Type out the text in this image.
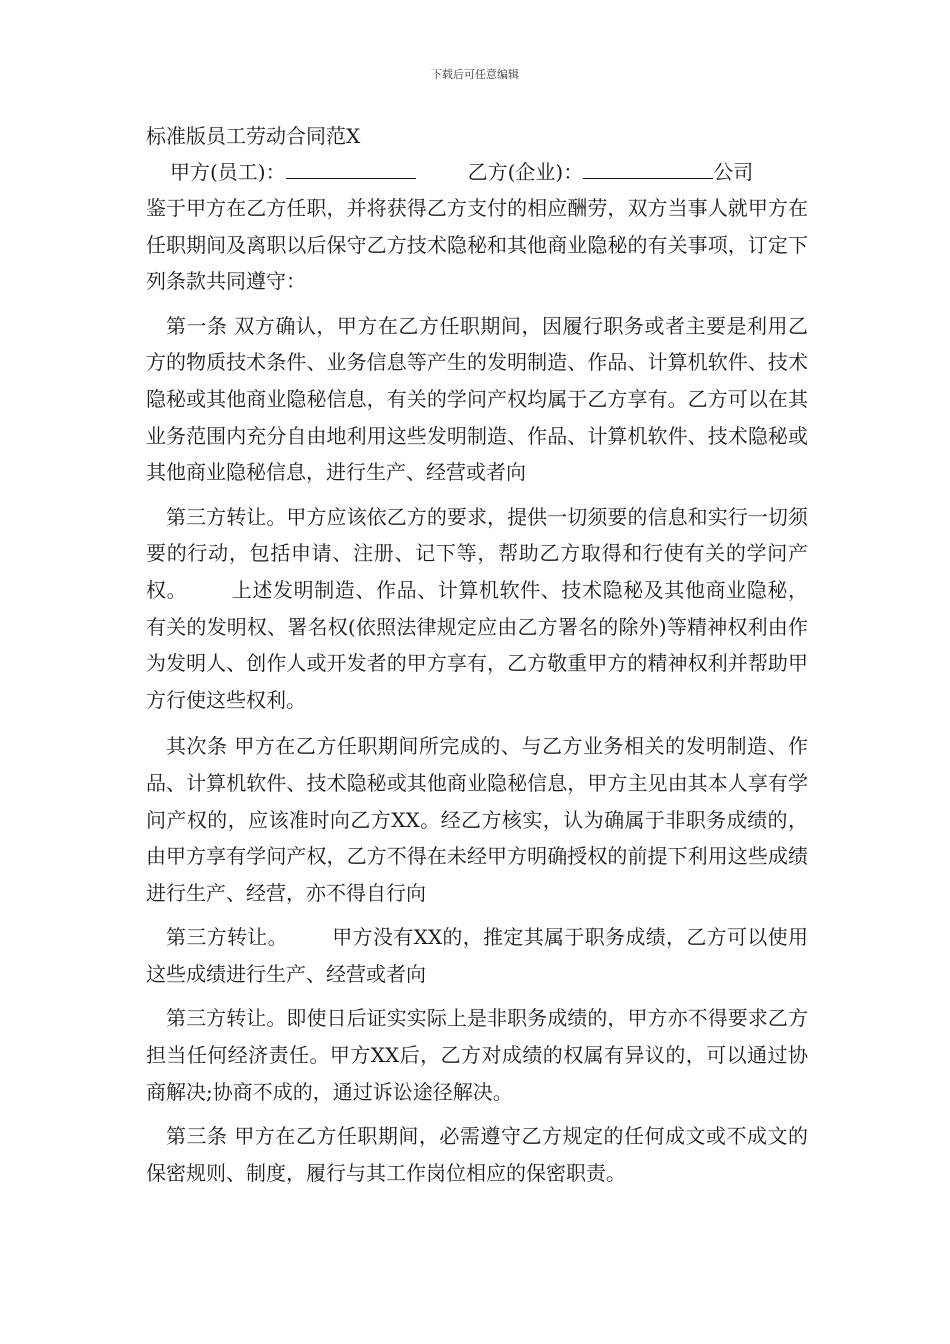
下载后可任意编辑

标准版员工劳动合同范X

甲方(员工)：	乙方(企业)：	公司

鉴于甲方在乙方任职，并将获得乙方支付的相应酬劳，双方当事人就甲方在任职期间及离职以后保守乙方技术隐秘和其他商业隐秘的有关事项，订定下列条款共同遵守：

第一条 双方确认，甲方在乙方任职期间，因履行职务或者主要是利用乙方的物质技术条件、业务信息等产生的发明制造、作品、计算机软件、技术隐秘或其他商业隐秘信息，有关的学问产权均属于乙方享有。乙方可以在其业务范围内充分自由地利用这些发明制造、作品、计算机软件、技术隐秘或其他商业隐秘信息，进行生产、经营或者向

第三方转让。甲方应该依乙方的要求，提供一切须要的信息和实行一切须要的行动，包括申请、注册、记下等，帮助乙方取得和行使有关的学问产权。 上述发明制造、作品、计算机软件、技术隐秘及其他商业隐秘，有关的发明权、署名权(依照法律规定应由乙方署名的除外)等精神权利由作为发明人、创作人或开发者的甲方享有，乙方敬重甲方的精神权利并帮助甲方行使这些权利。

其次条 甲方在乙方任职期间所完成的、与乙方业务相关的发明制造、作品、计算机软件、技术隐秘或其他商业隐秘信息，甲方主见由其本人享有学问产权的，应该准时向乙方XX。经乙方核实，认为确属于非职务成绩的，由甲方享有学问产权，乙方不得在未经甲方明确授权的前提下利用这些成绩进行生产、经营，亦不得自行向

第三方转让。 甲方没有XX的，推定其属于职务成绩，乙方可以使用这些成绩进行生产、经营或者向

第三方转让。即使日后证实实际上是非职务成绩的，甲方亦不得要求乙方担当任何经济责任。甲方XX后，乙方对成绩的权属有异议的，可以通过协商解决;协商不成的，通过诉讼途径解决。

第三条 甲方在乙方任职期间，必需遵守乙方规定的任何成文或不成文的保密规则、制度，履行与其工作岗位相应的保密职责。
